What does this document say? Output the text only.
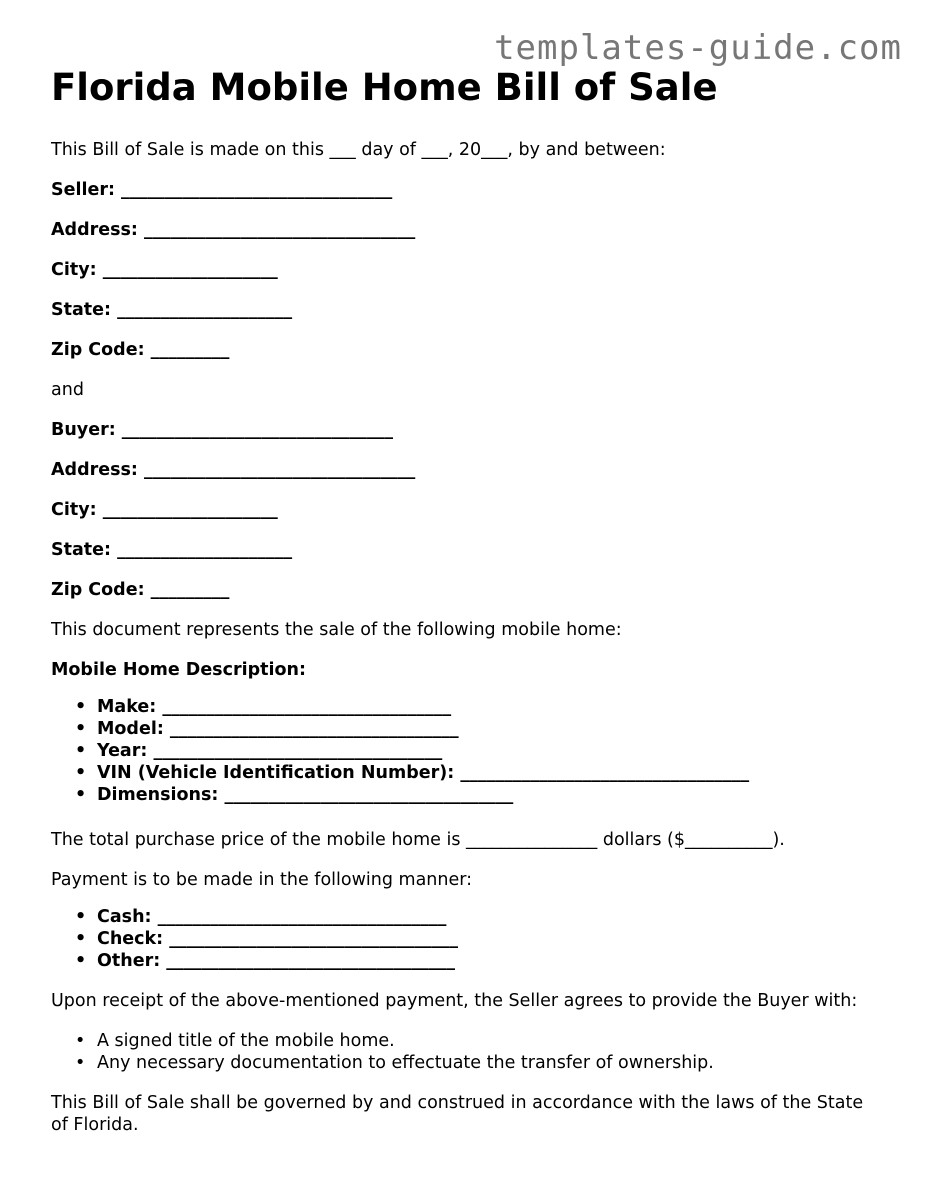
templates-guide.com
Florida Mobile Home Bill of Sale

This Bill of Sale is made on this ___ day of ___, 20___, by and between:

Seller: _______________________________

Address: _______________________________

City: ____________________

State: ____________________

Zip Code: _________

and

Buyer: _______________________________

Address: _______________________________

City: ____________________

State: ____________________

Zip Code: _________

This document represents the sale of the following mobile home:

Mobile Home Description:

• Make: _________________________________
• Model: _________________________________
• Year: _________________________________
• VIN (Vehicle Identification Number): _________________________________
• Dimensions: _________________________________

The total purchase price of the mobile home is _______________ dollars ($__________).

Payment is to be made in the following manner:

• Cash: _________________________________
• Check: _________________________________
• Other: _________________________________
Upon receipt of the above-mentioned payment, the Seller agrees to provide the Buyer with:
• A signed title of the mobile home.
• Any necessary documentation to effectuate the transfer of ownership.
This Bill of Sale shall be governed by and construed in accordance with the laws of the State of Florida.
